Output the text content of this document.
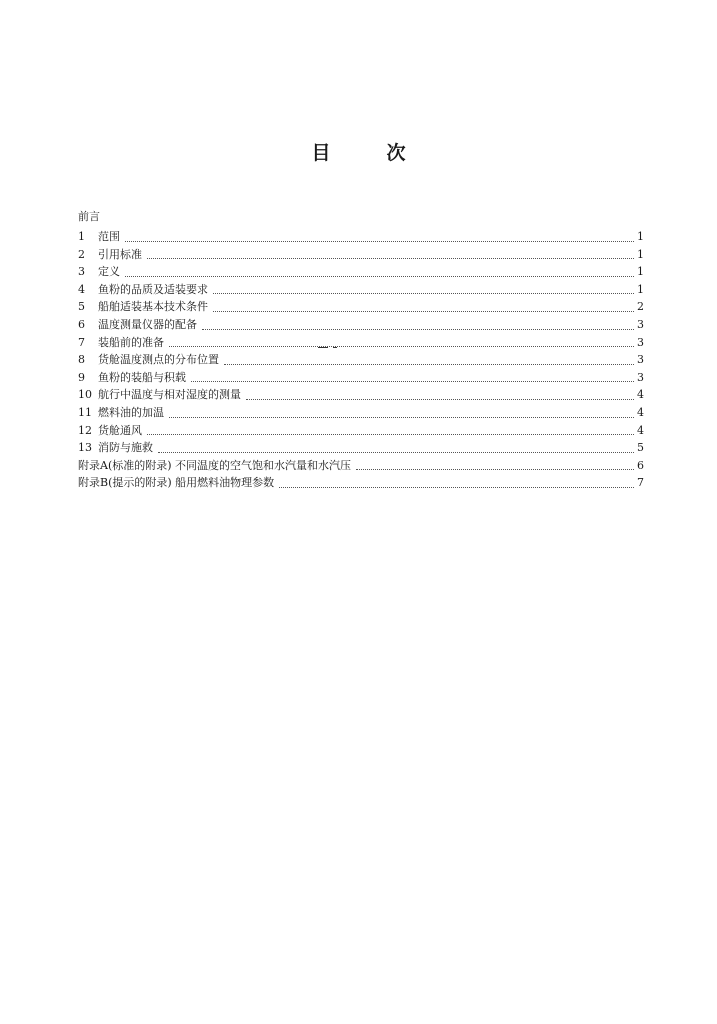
目	次
前言
1	范围	1
2	引用标准	1
3	定义	1
4	鱼粉的品质及适装要求	1
5	船舶适装基本技术条件	2
6	温度测量仪器的配备	3
7	装船前的准备	3
8	货舱温度测点的分布位置	3
9	鱼粉的装船与积载	3
10 航行中温度与相对湿度的测量	4
11 燃料油的加温	4
12 货舱通风	4
13 消防与施救	5
附录A(标准的附录) 不同温度的空气饱和水汽量和水汽压	6
附录B(提示的附录) 船用燃料油物理参数	7
